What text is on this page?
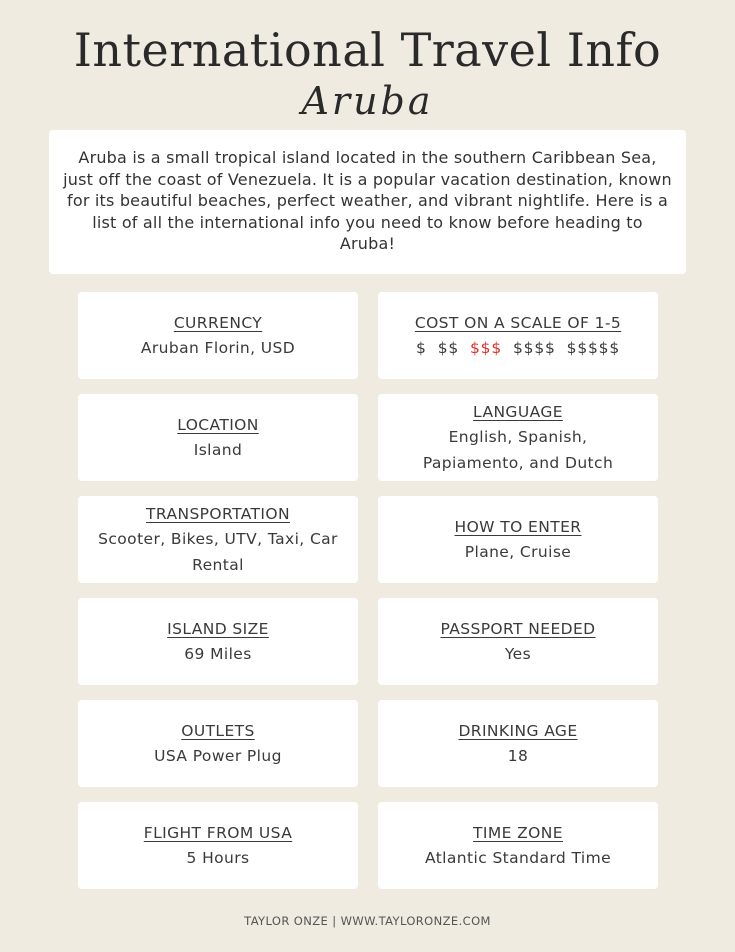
International Travel Info
Aruba
Aruba is a small tropical island located in the southern Caribbean Sea, just off the coast of Venezuela. It is a popular vacation destination, known for its beautiful beaches, perfect weather, and vibrant nightlife. Here is a list of all the international info you need to know before heading to Aruba!
CURRENCY
Aruban Florin, USD
COST ON A SCALE OF 1-5
$ $$ $$$ $$$$ $$$$$
LOCATION
Island
LANGUAGE
English, Spanish, Papiamento, and Dutch
TRANSPORTATION
Scooter, Bikes, UTV, Taxi, Car Rental
HOW TO ENTER
Plane, Cruise
ISLAND SIZE
69 Miles
PASSPORT NEEDED
Yes
OUTLETS
USA Power Plug
DRINKING AGE
18
FLIGHT FROM USA
5 Hours
TIME ZONE
Atlantic Standard Time
TAYLOR ONZE | WWW.TAYLORONZE.COM
